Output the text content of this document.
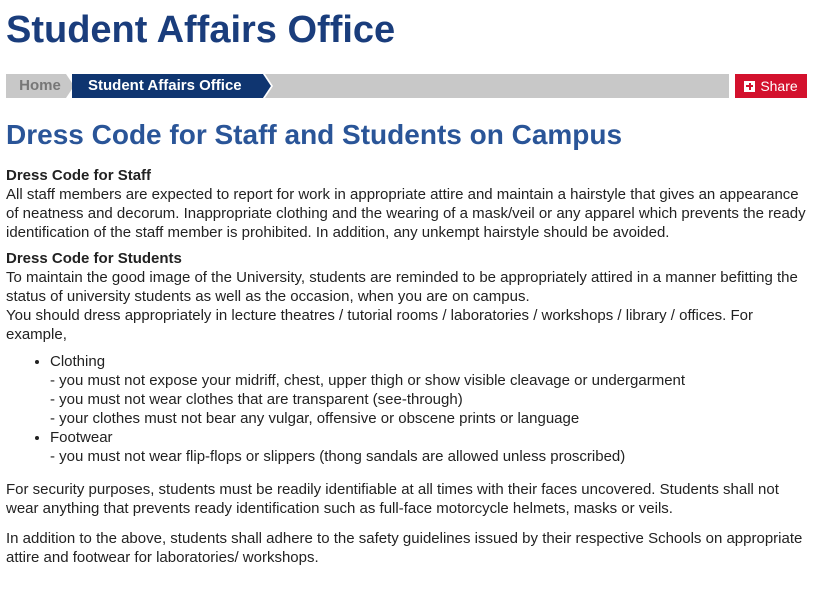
Student Affairs Office
Home	Student Affairs Office	Share
Dress Code for Staff and Students on Campus

Dress Code for Staff

All staff members are expected to report for work in appropriate attire and maintain a hairstyle that gives an appearance of neatness and decorum. Inappropriate clothing and the wearing of a mask/veil or any apparel which prevents the ready identification of the staff member is prohibited. In addition, any unkempt hairstyle should be avoided.

Dress Code for Students

To maintain the good image of the University, students are reminded to be appropriately attired in a manner befitting the status of university students as well as the occasion, when you are on campus.

You should dress appropriately in lecture theatres / tutorial rooms / laboratories / workshops / library / offices. For example,

• Clothing

- you must not expose your midriff, chest, upper thigh or show visible cleavage or undergarment

- you must not wear clothes that are transparent (see-through)

- your clothes must not bear any vulgar, offensive or obscene prints or language

• Footwear

- you must not wear flip-flops or slippers (thong sandals are allowed unless proscribed)

For security purposes, students must be readily identifiable at all times with their faces uncovered. Students shall not wear anything that prevents ready identification such as full-face motorcycle helmets, masks or veils.

In addition to the above, students shall adhere to the safety guidelines issued by their respective Schools on appropriate attire and footwear for laboratories/ workshops.
